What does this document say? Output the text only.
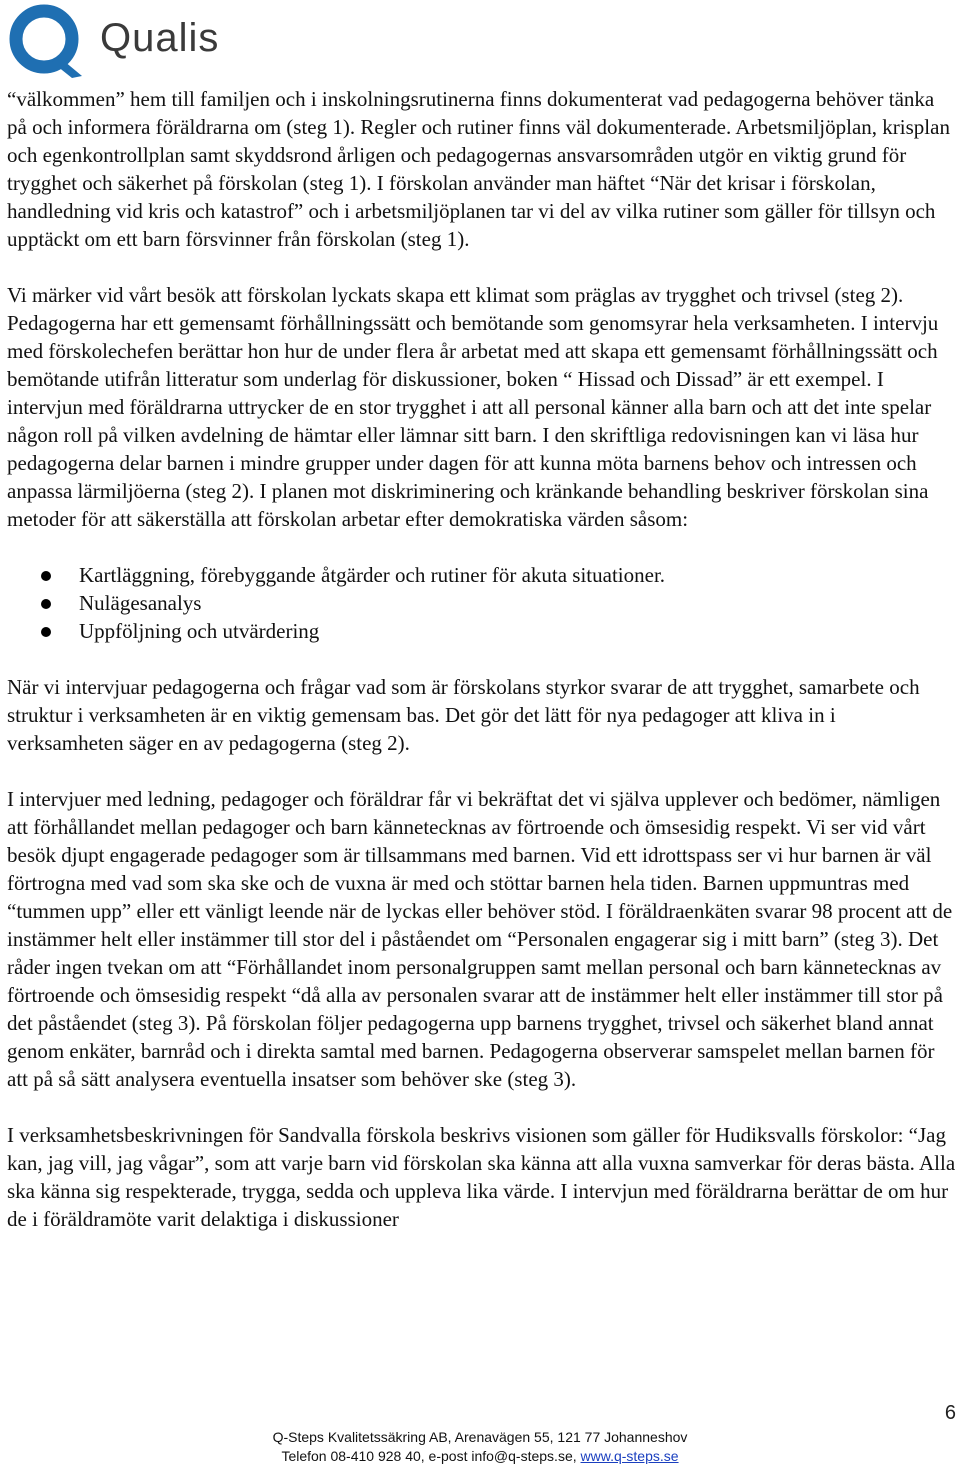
Qualis

“välkommen” hem till familjen och i inskolningsrutinerna finns dokumenterat vad pedagogerna behöver tänka på och informera föräldrarna om (steg 1). Regler och rutiner finns väl dokumenterade. Arbetsmiljöplan, krisplan och egenkontrollplan samt skyddsrond årligen och pedagogernas ansvarsområden utgör en viktig grund för trygghet och säkerhet på förskolan (steg 1). I förskolan använder man häftet “När det krisar i förskolan, handledning vid kris och katastrof” och i arbetsmiljöplanen tar vi del av vilka rutiner som gäller för tillsyn och upptäckt om ett barn försvinner från förskolan (steg 1).

Vi märker vid vårt besök att förskolan lyckats skapa ett klimat som präglas av trygghet och trivsel (steg 2). Pedagogerna har ett gemensamt förhållningssätt och bemötande som genomsyrar hela verksamheten. I intervju med förskolechefen berättar hon hur de under flera år arbetat med att skapa ett gemensamt förhållningssätt och bemötande utifrån litteratur som underlag för diskussioner, boken “ Hissad och Dissad” är ett exempel. I intervjun med föräldrarna uttrycker de en stor trygghet i att all personal känner alla barn och att det inte spelar någon roll på vilken avdelning de hämtar eller lämnar sitt barn. I den skriftliga redovisningen kan vi läsa hur pedagogerna delar barnen i mindre grupper under dagen för att kunna möta barnens behov och intressen och anpassa lärmiljöerna (steg 2). I planen mot diskriminering och kränkande behandling beskriver förskolan sina metoder för att säkerställa att förskolan arbetar efter demokratiska värden såsom:

Kartläggning, förebyggande åtgärder och rutiner för akuta situationer.
Nulägesanalys
Uppföljning och utvärdering

När vi intervjuar pedagogerna och frågar vad som är förskolans styrkor svarar de att trygghet, samarbete och struktur i verksamheten är en viktig gemensam bas. Det gör det lätt för nya pedagoger att kliva in i verksamheten säger en av pedagogerna (steg 2).

I intervjuer med ledning, pedagoger och föräldrar får vi bekräftat det vi själva upplever och bedömer, nämligen att förhållandet mellan pedagoger och barn kännetecknas av förtroende och ömsesidig respekt. Vi ser vid vårt besök djupt engagerade pedagoger som är tillsammans med barnen. Vid ett idrottspass ser vi hur barnen är väl förtrogna med vad som ska ske och de vuxna är med och stöttar barnen hela tiden. Barnen uppmuntras med “tummen upp” eller ett vänligt leende när de lyckas eller behöver stöd. I föräldraenkäten svarar 98 procent att de instämmer helt eller instämmer till stor del i påståendet om “Personalen engagerar sig i mitt barn” (steg 3). Det råder ingen tvekan om att “Förhållandet inom personalgruppen samt mellan personal och barn kännetecknas av förtroende och ömsesidig respekt “då alla av personalen svarar att de instämmer helt eller instämmer till stor på det påståendet (steg 3). På förskolan följer pedagogerna upp barnens trygghet, trivsel och säkerhet bland annat genom enkäter, barnråd och i direkta samtal med barnen. Pedagogerna observerar samspelet mellan barnen för att på så sätt analysera eventuella insatser som behöver ske (steg 3).

I verksamhetsbeskrivningen för Sandvalla förskola beskrivs visionen som gäller för Hudiksvalls förskolor: “Jag kan, jag vill, jag vågar”, som att varje barn vid förskolan ska känna att alla vuxna samverkar för deras bästa. Alla ska känna sig respekterade, trygga, sedda och uppleva lika värde. I intervjun med föräldrarna berättar de om hur de i föräldramöte varit delaktiga i diskussioner

6
Q-Steps Kvalitetssäkring AB, Arenavägen 55, 121 77 Johanneshov
Telefon 08-410 928 40, e-post info@q-steps.se, www.q-steps.se
